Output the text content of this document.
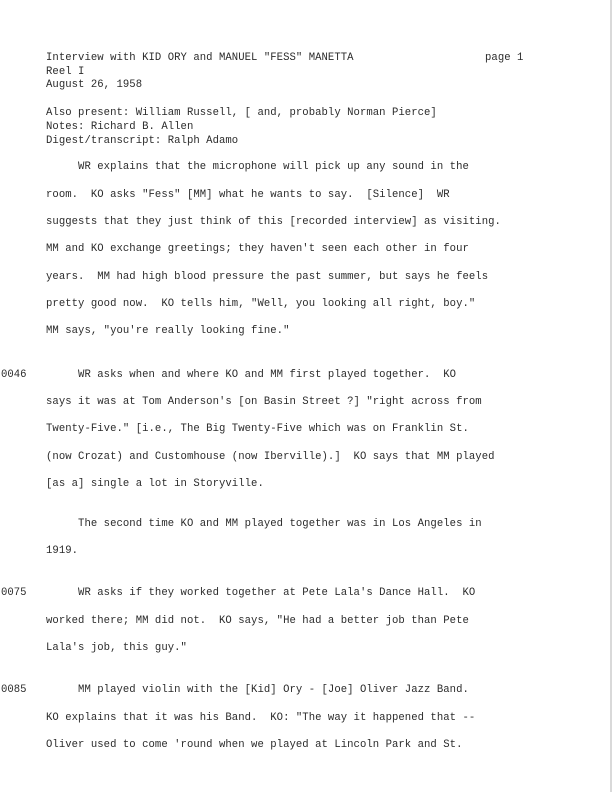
Interview with KID ORY and MANUEL "FESS" MANETTA	page 1
Reel I
August 26, 1958
Also present: William Russell, [ and, probably Norman Pierce]
Notes: Richard B. Allen
Digest/transcript: Ralph Adamo
WR explains that the microphone will pick up any sound in the
room.  KO asks "Fess" [MM] what he wants to say.  [Silence]  WR
suggests that they just think of this [recorded interview] as visiting.
MM and KO exchange greetings; they haven't seen each other in four
years.  MM had high blood pressure the past summer, but says he feels
pretty good now.  KO tells him, "Well, you looking all right, boy."
MM says, "you're really looking fine."
0046 WR asks when and where KO and MM first played together.  KO
says it was at Tom Anderson's [on Basin Street ?] "right across from
Twenty-Five." [i.e., The Big Twenty-Five which was on Franklin St.
(now Crozat) and Customhouse (now Iberville).]  KO says that MM played
[as a] single a lot in Storyville.
The second time KO and MM played together was in Los Angeles in
1919.
0075 WR asks if they worked together at Pete Lala's Dance Hall.  KO
worked there; MM did not.  KO says, "He had a better job than Pete
Lala's job, this guy."
0085 MM played violin with the [Kid] Ory - [Joe] Oliver Jazz Band.
KO explains that it was his Band.  KO: "The way it happened that --
Oliver used to come 'round when we played at Lincoln Park and St.
